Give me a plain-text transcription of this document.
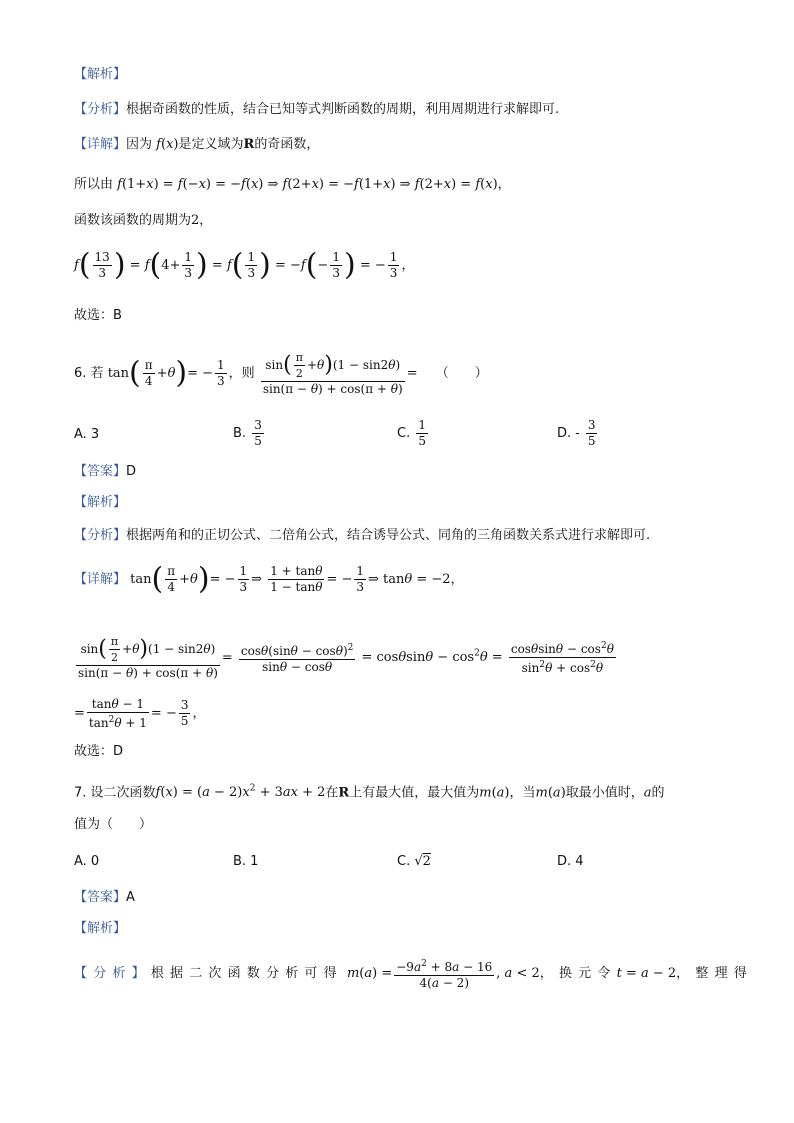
【解析】
【分析】根据奇函数的性质，结合已知等式判断函数的周期，利用周期进行求解即可.
【详解】因为 f(x)是定义域为R的奇函数，
所以由 f(1+x) = f(−x) = −f(x) ⇒ f(2+x) = −f(1+x) ⇒ f(2+x) = f(x)，
函数该函数的周期为2，
$f( \frac{13}{3}$ ) = $f(4+ \frac{1}{3}$ ) = $f( \frac{1}{3}$ ) = $-f(- \frac{1}{3}$ ) = − $\frac{1}{3}$ ，
故选：B
6. 若 $\tan( \frac{\pi}{4} +\theta)= - \frac{1}{3}$ ，则 $\frac{\sin( \frac{\pi}{2} +\theta)(1 - \sin 2\theta)}{\sin(\pi - \theta) + \cos(\pi + \theta)}$ = （　　）
A. 3	B. $\frac{3}{5}$	C. $\frac{1}{5}$	D. - $\frac{3}{5}$
【答案】D
【解析】
【分析】根据两角和的正切公式、二倍角公式，结合诱导公式、同角的三角函数关系式进行求解即可.
【详解】 $\tan( \frac{\pi}{4} +\theta)= - \frac{1}{3}$ ⇒ $\frac{1 + \tan\theta}{1 - \tan\theta}$ = − $\frac{1}{3}$ ⇒ tanθ = −2，
$\frac{\sin( \frac{\pi}{2} +\theta)(1 - \sin 2\theta)}{\sin(\pi - \theta) + \cos(\pi + \theta)} = \frac{\cos\theta(\sin\theta - \cos\theta)^2}{\sin\theta - \cos\theta} = \cos\theta\sin\theta - \cos^2\theta = \frac{\cos\theta\sin\theta - \cos^2\theta}{\sin^2\theta + \cos^2\theta}$
= $\frac{\tan\theta - 1}{\tan^2\theta + 1}$ = − $\frac{3}{5}$ ，
故选：D
7. 设二次函数$f(x) = (a - 2)x^2 + 3ax + 2$在R上有最大值，最大值为m(a)，当m(a)取最小值时，a的
值为（　　）
A. 0	B. 1	C. √2	D. 4
【答案】A
【解析】
【分析】根据二次函数分析可得 $m(a) = \frac{-9a^2 + 8a - 16}{4(a - 2)}$ , a < 2，换元令t = a − 2，整理得
